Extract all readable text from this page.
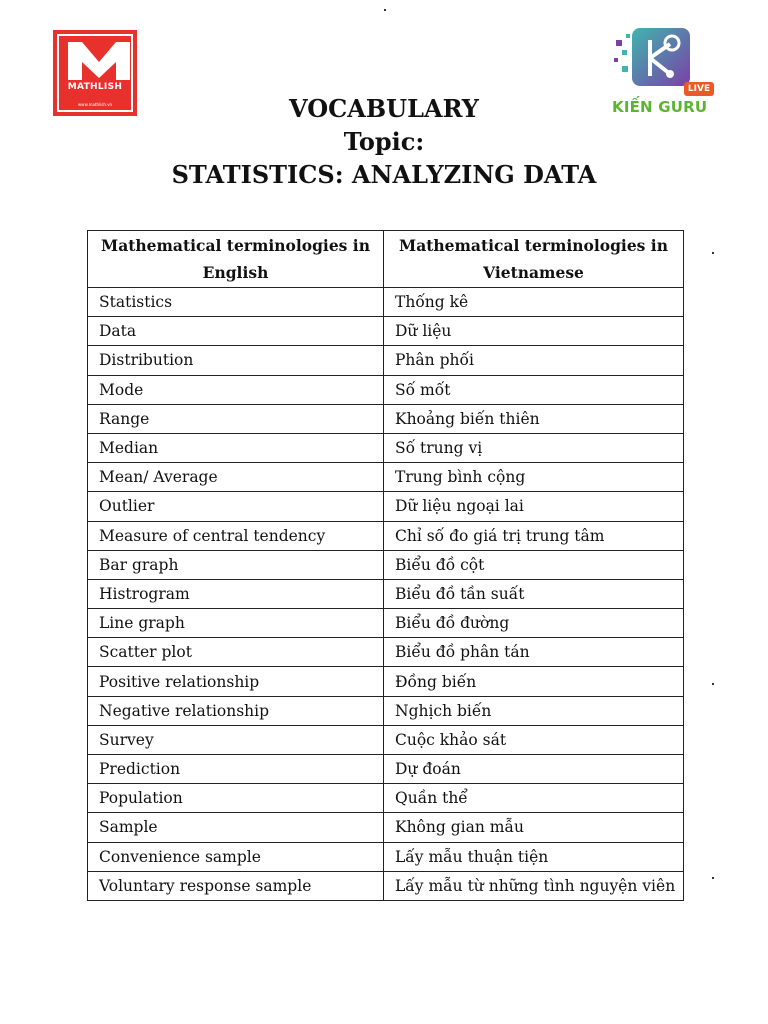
MATHLISH
www.mathlish.vn
LIVE
KIẾN GURU
VOCABULARY
Topic:
STATISTICS: ANALYZING DATA
Mathematical terminologies in English	Mathematical terminologies in Vietnamese
Statistics	Thống kê
Data	Dữ liệu
Distribution	Phân phối
Mode	Số mốt
Range	Khoảng biến thiên
Median	Số trung vị
Mean/ Average	Trung bình cộng
Outlier	Dữ liệu ngoại lai
Measure of central tendency	Chỉ số đo giá trị trung tâm
Bar graph	Biểu đồ cột
Histrogram	Biểu đồ tần suất
Line graph	Biểu đồ đường
Scatter plot	Biểu đồ phân tán
Positive relationship	Đồng biến
Negative relationship	Nghịch biến
Survey	Cuộc khảo sát
Prediction	Dự đoán
Population	Quần thể
Sample	Không gian mẫu
Convenience sample	Lấy mẫu thuận tiện
Voluntary response sample	Lấy mẫu từ những tình nguyện viên
